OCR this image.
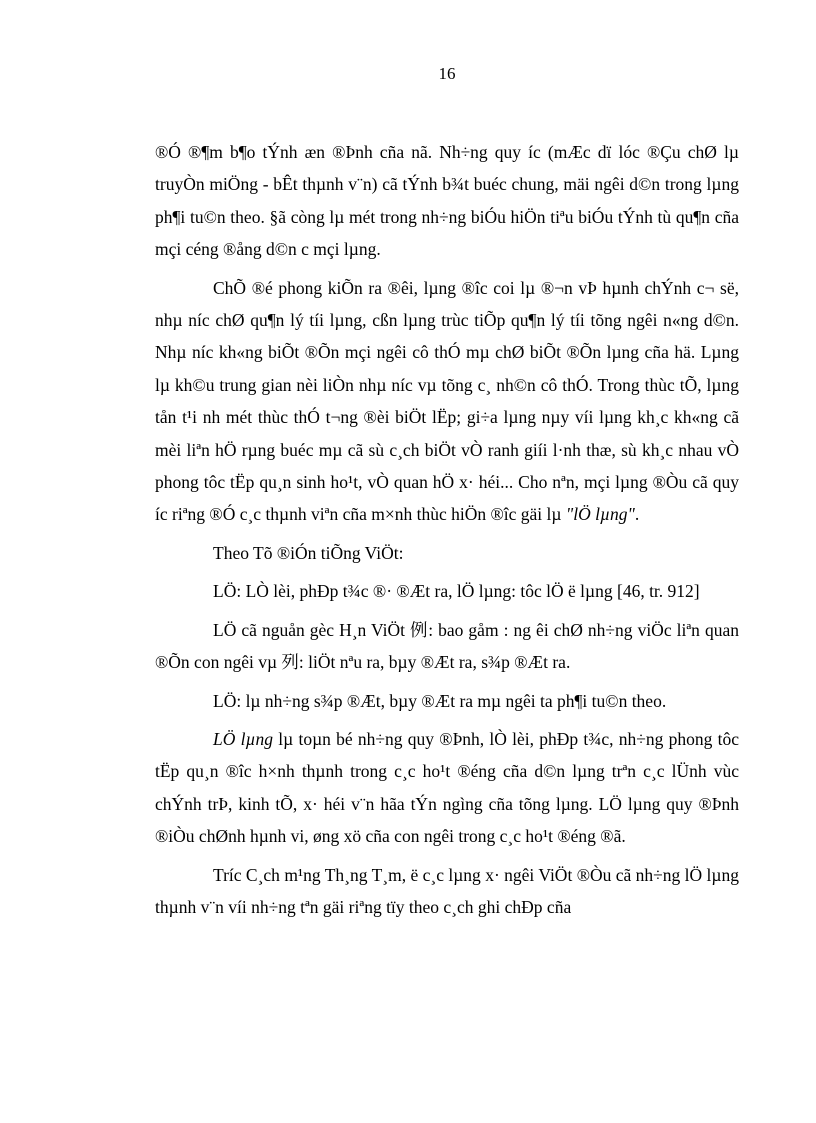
16

®Ó ®¶m b¶o tÝnh æn ®Þnh cña nã. Nh÷ng quy íc (mÆc dï lóc ®Çu chØ lµ truyÒn miÖng - bÊt thµnh v¨n) cã tÝnh b¾t buéc chung, mäi ngêi d©n trong lµng ph¶i tu©n theo. §ã còng lµ mét trong nh÷ng biÓu hiÖn tiªu biÓu tÝnh tù qu¶n cña mçi céng ®ång d©n c mçi lµng.

ChÕ ®é phong kiÕn ra ®êi, lµng ®îc coi lµ ®¬n vÞ hµnh chÝnh c¬ së, nhµ níc chØ qu¶n lý tíi lµng, cßn lµng trùc tiÕp qu¶n lý tíi tõng ngêi n«ng d©n. Nhµ níc kh«ng biÕt ®Õn mçi ngêi cô thÓ mµ chØ biÕt ®Õn lµng cña hä. Lµng lµ kh©u trung gian nèi liÒn nhµ níc vµ tõng c¸ nh©n cô thÓ. Trong thùc tÕ, lµng tån t¹i nh mét thùc thÓ t¬ng ®èi biÖt lËp; gi÷a lµng nµy víi lµng kh¸c kh«ng cã mèi liªn hÖ rµng buéc mµ cã sù c¸ch biÖt vÒ ranh giíi l·nh thæ, sù kh¸c nhau vÒ phong tôc tËp qu¸n sinh ho¹t, vÒ quan hÖ x· héi... Cho nªn, mçi lµng ®Òu cã quy íc riªng ®Ó c¸c thµnh viªn cña m×nh thùc hiÖn ®îc gäi lµ "lÖ lµng".

Theo Tõ ®iÓn tiÕng ViÖt:

LÖ: LÒ lèi, phÐp t¾c ®· ®Æt ra, lÖ lµng: tôc lÖ ë lµng [46, tr. 912]

LÖ cã nguån gèc H¸n ViÖt 例: bao gåm : ng êi chØ nh÷ng viÖc liªn quan ®Õn con ngêi vµ 列: liÖt nªu ra, bµy ®Æt ra, s¾p ®Æt ra.

LÖ: lµ nh÷ng s¾p ®Æt, bµy ®Æt ra mµ ngêi ta ph¶i tu©n theo.

LÖ lµng lµ toµn bé nh÷ng quy ®Þnh, lÒ lèi, phÐp t¾c, nh÷ng phong tôc tËp qu¸n ®îc h×nh thµnh trong c¸c ho¹t ®éng cña d©n lµng trªn c¸c lÜnh vùc chÝnh trÞ, kinh tÕ, x· héi v¨n hãa tÝn ngìng cña tõng lµng. LÖ lµng quy ®Þnh ®iÒu chØnh hµnh vi, øng xö cña con ngêi trong c¸c ho¹t ®éng ®ã.

Tríc C¸ch m¹ng Th¸ng T¸m, ë c¸c lµng x· ngêi ViÖt ®Òu cã nh÷ng lÖ lµng thµnh v¨n víi nh÷ng tªn gäi riªng tïy theo c¸ch ghi chÐp cña
